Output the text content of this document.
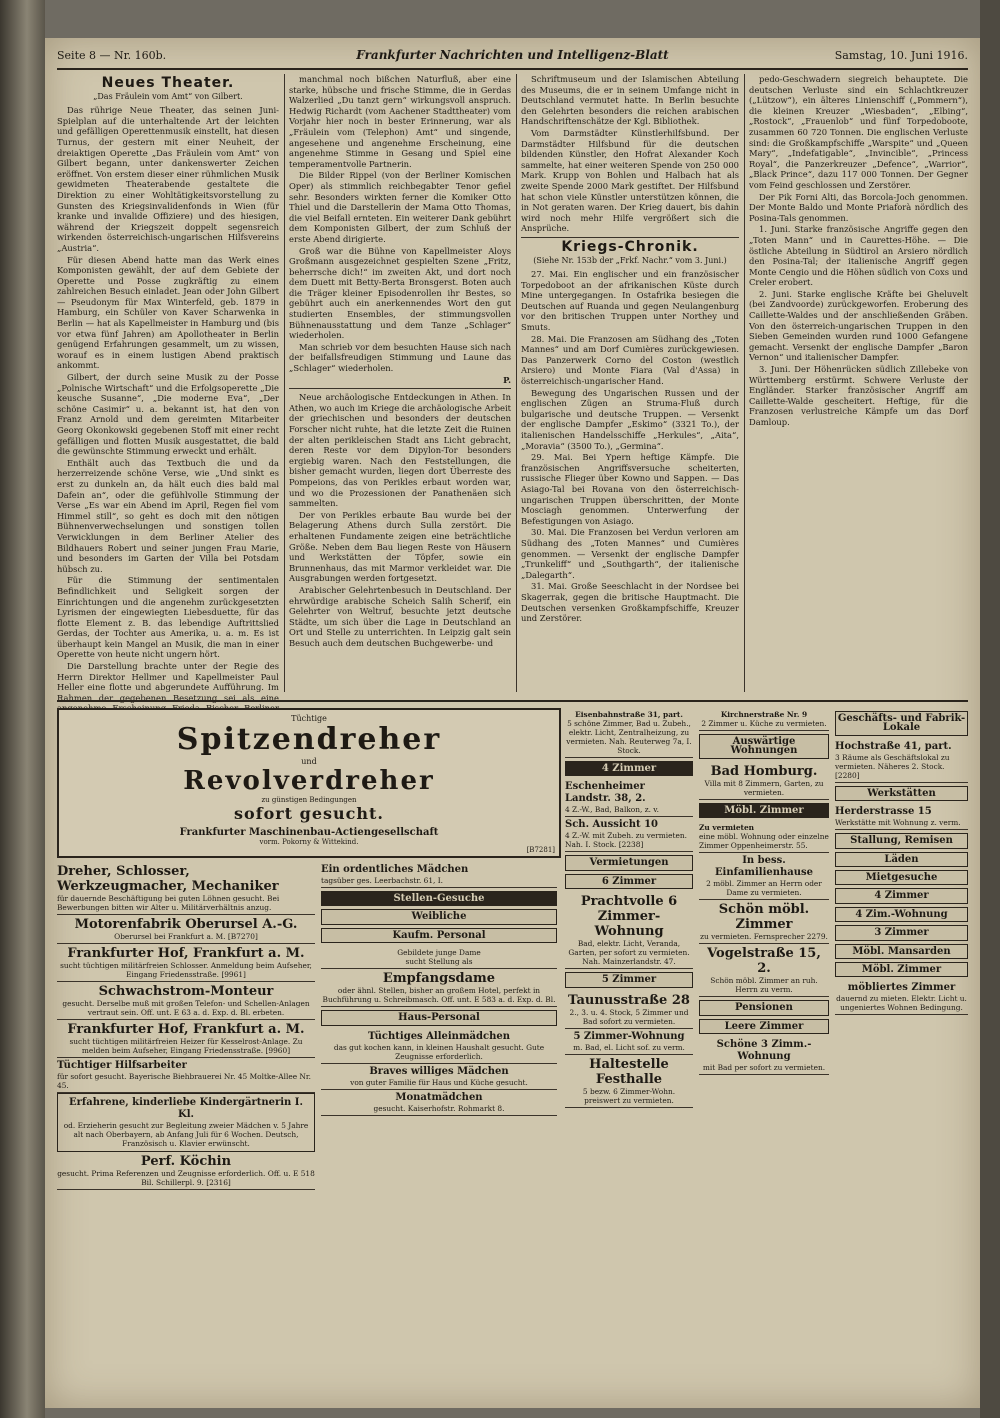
Seite 8 — Nr. 160b.	Frankfurter Nachrichten und Intelligenz-Blatt	Samstag, 10. Juni 1916.
Neues Theater.
„Das Fräulein vom Amt“ von Gilbert.

Das rührige Neue Theater, das seinen Juni-Spielplan auf die unterhaltende Art der leichten und gefälligen Operettenmusik einstellt, hat diesen Turnus, der gestern mit einer Neuheit, der dreiaktigen Operette „Das Fräulein vom Amt“ von Gilbert begann, unter dankenswerter Zeichen eröffnet. Von erstem dieser einer rühmlichen Musik gewidmeten Theaterabende gestaltete die Direktion zu einer Wohltätigkeitsvorstellung zu Gunsten des Kriegsinvalidenfonds in Wien (für kranke und invalide Offiziere) und des hiesigen, während der Kriegszeit doppelt segensreich wirkenden österreichisch-ungarischen Hilfsvereins „Austria“.

Für diesen Abend hatte man das Werk eines Komponisten gewählt, der auf dem Gebiete der Operette und Posse zugkräftig zu einem zahlreichen Besuch einladet. Jean oder John Gilbert — Pseudonym für Max Winterfeld, geb. 1879 in Hamburg, ein Schüler von Kaver Scharwenka in Berlin — hat als Kapellmeister in Hamburg und (bis vor etwa fünf Jahren) am Apollotheater in Berlin genügend Erfahrungen gesammelt, um zu wissen, worauf es in einem lustigen Abend praktisch ankommt.

Gilbert, der durch seine Musik zu der Posse „Polnische Wirtschaft“ und die Erfolgsoperette „Die keusche Susanne“, „Die moderne Eva“, „Der schöne Casimir“ u. a. bekannt ist, hat den von Franz Arnold und dem gereimten Mitarbeiter Georg Okonkowski gegebenen Stoff mit einer recht gefälligen und flotten Musik ausgestattet, die bald die gewünschte Stimmung erweckt und erhält.

Enthält auch das Textbuch die und da herzerreizende schöne Verse, wie „Und sinkt es erst zu dunkeln an, da hält euch dies bald mal Dafein an“, oder die gefühlvolle Stimmung der Verse „Es war ein Abend im April, Regen fiel vom Himmel still“, so geht es doch mit den nötigen Bühnenverwechselungen und sonstigen tollen Verwicklungen in dem Berliner Atelier des Bildhauers Robert und seiner jungen Frau Marie, und besonders im Garten der Villa bei Potsdam hübsch zu.

Für die Stimmung der sentimentalen Befindlichkeit und Seligkeit sorgen der Einrichtungen und die angenehm zurückgesetzten Lyrismen der eingewiegten Liebesduette, für das flotte Element z. B. das lebendige Auftrittslied Gerdas, der Tochter aus Amerika, u. a. m. Es ist überhaupt kein Mangel an Musik, die man in einer Operette von heute nicht ungern hört.

Die Darstellung brachte unter der Regie des Herrn Direktor Hellmer und Kapellmeister Paul Heller eine flotte und abgerundete Aufführung. Im Rahmen der gegebenen Besetzung sei als eine

manchmal noch bißchen Naturfluß, aber eine starke, hübsche und frische Stimme, die in Gerdas Walzerlied „Du tanzt gern“ wirkungsvoll anspruch. Hedwig Richardt (vom Aachener Stadttheater) vom Vorjahr hier noch in bester Erinnerung, war als „Fräulein vom (Telephon) Amt“ und singende, angesehene und angenehme Erscheinung, eine angenehme Stimme in Gesang und Spiel eine temperamentvolle Partnerin.

Die Bilder Rippel (von der Berliner Komischen Oper) als stimmlich reichbegabter Tenor gefiel sehr. Besonders wirkten ferner die Komiker Otto Thiel und die Darstellerin der Mama Otto Thomas, die viel Beifall ernteten. Ein weiterer Dank gebührt dem Komponisten Gilbert, der zum Schluß der erste Abend dirigierte.

Groß war die Bühne von Kapellmeister Aloys Großmann ausgezeichnet gespielten Szene „Fritz, beherrsche dich!“ im zweiten Akt, und dort noch dem Duett mit Betty-Berta Bronsgerst. Boten auch die Träger kleiner Episodenrollen ihr Bestes, so gebührt auch ein anerkennendes Wort den gut studierten Ensembles, der stimmungsvollen Bühnenausstattung und dem Tanze „Schlager“ wiederholen.

Man schrieb vor dem besuchten Hause sich nach der beifallsfreudigen Stimmung und Laune das „Schlager“ wiederholen.

P.

Neue archäologische Entdeckungen in Athen. In Athen, wo auch im Kriege die archäologische Arbeit der griechischen und besonders der deutschen Forscher nicht ruhte, hat die letzte Zeit die Ruinen der alten perikleischen Stadt ans Licht gebracht, deren Reste vor dem Dipylon-Tor besonders ergiebig waren. Nach den Feststellungen, die bisher gemacht wurden, liegen dort Überreste des Pompeions, das von Perikles erbaut worden war, und wo die Prozessionen der Panathenäen sich sammelten.

Der von Perikles erbaute Bau wurde bei der Belagerung Athens durch Sulla zerstört. Die erhaltenen Fundamente zeigen eine beträchtliche Größe. Neben dem Bau liegen Reste von Häusern und Werkstätten der Töpfer, sowie ein Brunnenhaus, das mit Marmor verkleidet war. Die Ausgrabungen werden fortgesetzt.

Arabischer Gelehrtenbesuch in Deutschland. Der ehrwürdige arabische Scheich Salih Scherif, ein Gelehrter von Weltruf, besuchte jetzt deutsche Städte, um sich über die Lage in Deutschland an Ort und Stelle zu unterrichten. In Leipzig galt sein Besuch auch dem deutschen Buchgewerbe- und

Schriftmuseum und der Islamischen Abteilung des Museums, die er in seinem Umfange nicht in Deutschland vermutet hatte. In Berlin besuchte den Gelehrten besonders die reichen arabischen Handschriftenschätze der Kgl. Bibliothek.

Vom Darmstädter Künstlerhilfsbund. Der Darmstädter Hilfsbund für die deutschen bildenden Künstler, den Hofrat Alexander Koch sammelte, hat einer weiteren Spende von 250 000 Mark. Krupp von Bohlen und Halbach hat als zweite Spende 2000 Mark gestiftet. Der Hilfsbund hat schon viele Künstler unterstützen können, die in Not geraten waren. Der Krieg dauert, bis dahin wird noch mehr Hilfe vergrößert sich die Ansprüche.

Kriegs-Chronik.
(Siehe Nr. 153b der „Frkf. Nachr.“ vom 3. Juni.)

27. Mai. Ein englischer und ein französischer Torpedoboot an der afrikanischen Küste durch Mine untergegangen. In Ostafrika besiegen die Deutschen auf Ruanda und gegen Neulangenburg vor den britischen Truppen unter Northey und Smuts.

28. Mai. Die Franzosen am Südhang des „Toten Mannes“ und am Dorf Cumières zurückgewiesen. Das Panzerwerk Corno del Coston (westlich Arsiero) und Monte Fiara (Val d'Assa) in österreichisch-ungarischer Hand.

Bewegung des Ungarischen Russen und der englischen Zügen an Struma-Fluß durch bulgarische und deutsche Truppen. — Versenkt der englische Dampfer „Eskimo“ (3321 To.), der italienischen Handelsschiffe „Herkules“, „Aita“, „Moravia“ (3500 To.), „Germina“.

29. Mai. Bei Ypern heftige Kämpfe. Die französischen Angriffsversuche scheiterten, russische Flieger über Kowno und Sappen. — Das Asiago-Tal bei Rovana von den österreichisch-ungarischen Truppen überschritten, der Monte Mosciagh genommen. Unterwerfung der Befestigungen von Asiago.

30. Mai. Die Franzosen bei Verdun verloren am Südhang des „Toten Mannes“ und Cumières genommen. — Versenkt der englische Dampfer „Trunkeliff“ und „Southgarth“, der italienische „Dalegarth“.

31. Mai. Große Seeschlacht in der Nordsee bei Skagerrak, gegen die britische Hauptmacht. Die Deutschen versenken Großkampfschiffe, Kreuzer und Zerstörer.

pedo-Geschwadern siegreich behauptete. Die deutschen Verluste sind ein Schlachtkreuzer („Lützow“), ein älteres Linienschiff („Pommern“), die kleinen Kreuzer „Wiesbaden“, „Elbing“, „Rostock“, „Frauenlob“ und fünf Torpedoboote, zusammen 60 720 Tonnen. Die englischen Verluste sind: die Großkampfschiffe „Warspite“ und „Queen Mary“, „Indefatigable“, „Invincible“, „Princess Royal“, die Panzerkreuzer „Defence“, „Warrior“, „Black Prince“, dazu 117 000 Tonnen. Der Gegner vom Feind geschlossen und Zerstörer.

Der Pik Forni Alti, das Borcola-Joch genommen. Der Monte Baldo und Monte Priaforà nördlich des Posina-Tals genommen.

1. Juni. Starke französische Angriffe gegen den „Toten Mann“ und in Caurettes-Höhe. — Die östliche Abteilung in Südtirol an Arsiero nördlich den Posina-Tal; der italienische Angriff gegen Monte Cengio und die Höhen südlich von Coxs und Creler erobert.

2. Juni. Starke englische Kräfte bei Gheluvelt (bei Zandvoorde) zurückgeworfen. Eroberung des Caillette-Waldes und der anschließenden Gräben. Von den österreich-ungarischen Truppen in den Sieben Gemeinden wurden rund 1000 Gefangene gemacht. Versenkt der englische Dampfer „Baron Vernon“ und italienischer Dampfer.

3. Juni. Der Höhenrücken südlich Zillebeke von Württemberg erstürmt. Schwere Verluste der Engländer. Starker französischer Angriff am Caillette-Walde gescheitert. Heftige, für die Franzosen verlustreiche Kämpfe um das Dorf Damloup.

Tüchtige
Spitzendreher
und
Revolverdreher
zu günstigen Bedingungen
sofort gesucht.
Frankfurter Maschinenbau-Actiengesellschaft
vorm. Pokorny & Wittekind.
[B7281]
Dreher, Schlosser, Werkzeugmacher, Mechaniker
für dauernde Beschäftigung bei guten Löhnen gesucht. Bei Bewerbungen bitten wir Alter u. Militärverhältnis anzug.
Motorenfabrik Oberursel A.-G.
Oberursel bei Frankfurt a. M. [B7270]
Frankfurter Hof, Frankfurt a. M.
sucht tüchtigen militärfreien Schlosser. Anmeldung beim Aufseher, Eingang Friedensstraße. [9961]
Schwachstrom-Monteur
gesucht. Derselbe muß mit großen Telefon- und Schellen-Anlagen vertraut sein. Off. unt. E 63 a. d. Exp. d. Bl. erbeten.
Frankfurter Hof, Frankfurt a. M.
sucht tüchtigen militärfreien Heizer für Kesselrost-Anlage. Zu melden beim Aufseher, Eingang Friedensstraße. [9960]
Tüchtiger Hilfsarbeiter
für sofort gesucht. Bayerische Biehbrauerei Nr. 45 Moltke-Allee Nr. 45.
Erfahrene, kinderliebe Kindergärtnerin I. Kl.
od. Erzieherin gesucht zur Begleitung zweier Mädchen v. 5 Jahre alt nach Oberbayern, ab Anfang Juli für 6 Wochen. Deutsch, Französisch u. Klavier erwünscht.
Perf. Köchin
gesucht. Prima Referenzen und Zeugnisse erforderlich. Off. u. E 518 Bil. Schillerpl. 9. [2316]
Ein ordentliches Mädchen
tagsüber ges. Leerbachstr. 61, I.
Stellen-Gesuche
Weibliche
Kaufm. Personal
Gebildete junge Dame
sucht Stellung als
Empfangsdame
oder ähnl. Stellen, bisher an großem Hotel, perfekt in Buchführung u. Schreibmasch. Off. unt. E 583 a. d. Exp. d. Bl.
Haus-Personal
Tüchtiges Alleinmädchen
das gut kochen kann, in kleinen Haushalt gesucht. Gute Zeugnisse erforderlich.
Braves williges Mädchen
von guter Familie für Haus und Küche gesucht.
Monatmädchen
gesucht. Kaiserhofstr. Rohmarkt 8.
Eisenbahnstraße 31, part.
5 schöne Zimmer, Bad u. Zubeh., elektr. Licht, Zentralheizung, zu vermieten. Nah. Reuterweg 7a, I. Stock.
4 Zimmer
Eschenheimer Landstr. 38, 2.
4 Z.-W., Bad, Balkon, z. v.
Sch. Aussicht 10
4 Z.-W. mit Zubeh. zu vermieten. Nah. I. Stock. [2238]
Vermietungen
6 Zimmer
Prachtvolle 6 Zimmer-Wohnung
Bad, elektr. Licht, Veranda, Garten, per sofort zu vermieten. Nah. Mainzerlandstr. 47.
5 Zimmer
Taunusstraße 28
2., 3. u. 4. Stock, 5 Zimmer und Bad sofort zu vermieten.
5 Zimmer-Wohnung
m. Bad, el. Licht sof. zu verm.
Haltestelle Festhalle
5 bezw. 6 Zimmer-Wohn. preiswert zu vermieten.
Kirchnerstraße Nr. 9
2 Zimmer u. Küche zu vermieten.
Auswärtige Wohnungen
Bad Homburg.
Villa mit 8 Zimmern, Garten, zu vermieten.
Möbl. Zimmer
Zu vermieten
eine möbl. Wohnung oder einzelne Zimmer Oppenheimerstr. 55.
In bess. Einfamilienhause
2 möbl. Zimmer an Herrn oder Dame zu vermieten.
Schön möbl. Zimmer
zu vermieten. Fernsprecher 2279.
Vogelstraße 15, 2.
Schön möbl. Zimmer an ruh. Herrn zu verm.
Pensionen
Leere Zimmer
Schöne 3 Zimm.-Wohnung
mit Bad per sofort zu vermieten.
Geschäfts- und Fabrik-Lokale
Hochstraße 41, part.
3 Räume als Geschäftslokal zu vermieten. Näheres 2. Stock. [2280]
Werkstätten
Herderstrasse 15
Werkstätte mit Wohnung z. verm.
Stallung, Remisen
Läden
Mietgesuche
4 Zimmer
4 Zim.-Wohnung
3 Zimmer
Möbl. Mansarden
Möbl. Zimmer
möbliertes Zimmer
dauernd zu mieten. Elektr. Licht u. ungeniertes Wohnen Bedingung.
